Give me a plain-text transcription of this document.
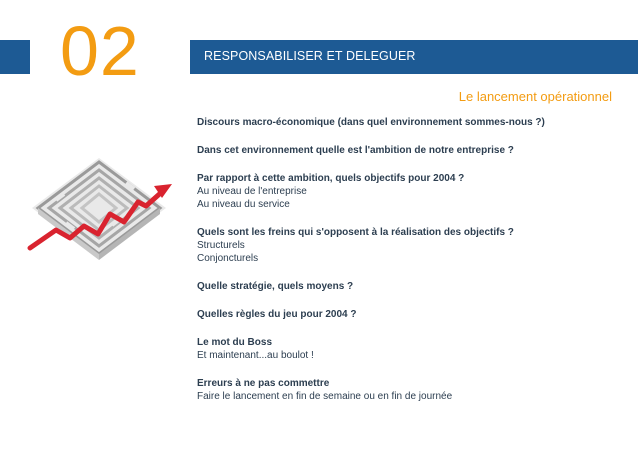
02	RESPONSABILISER ET DELEGUER
Le lancement opérationnel
Discours macro-économique (dans quel environnement sommes-nous ?)
Dans cet environnement quelle est l'ambition de notre entreprise ?
Par rapport à cette ambition, quels objectifs pour 2004 ?
Au niveau de l'entreprise
Au niveau du service
Quels sont les freins qui s'opposent à la réalisation des objectifs ?
Structurels
Conjoncturels
Quelle stratégie, quels moyens ?
Quelles règles du jeu pour 2004 ?
Le mot du Boss
Et maintenant...au boulot !
Erreurs à ne pas commettre
Faire le lancement en fin de semaine ou en fin de journée
